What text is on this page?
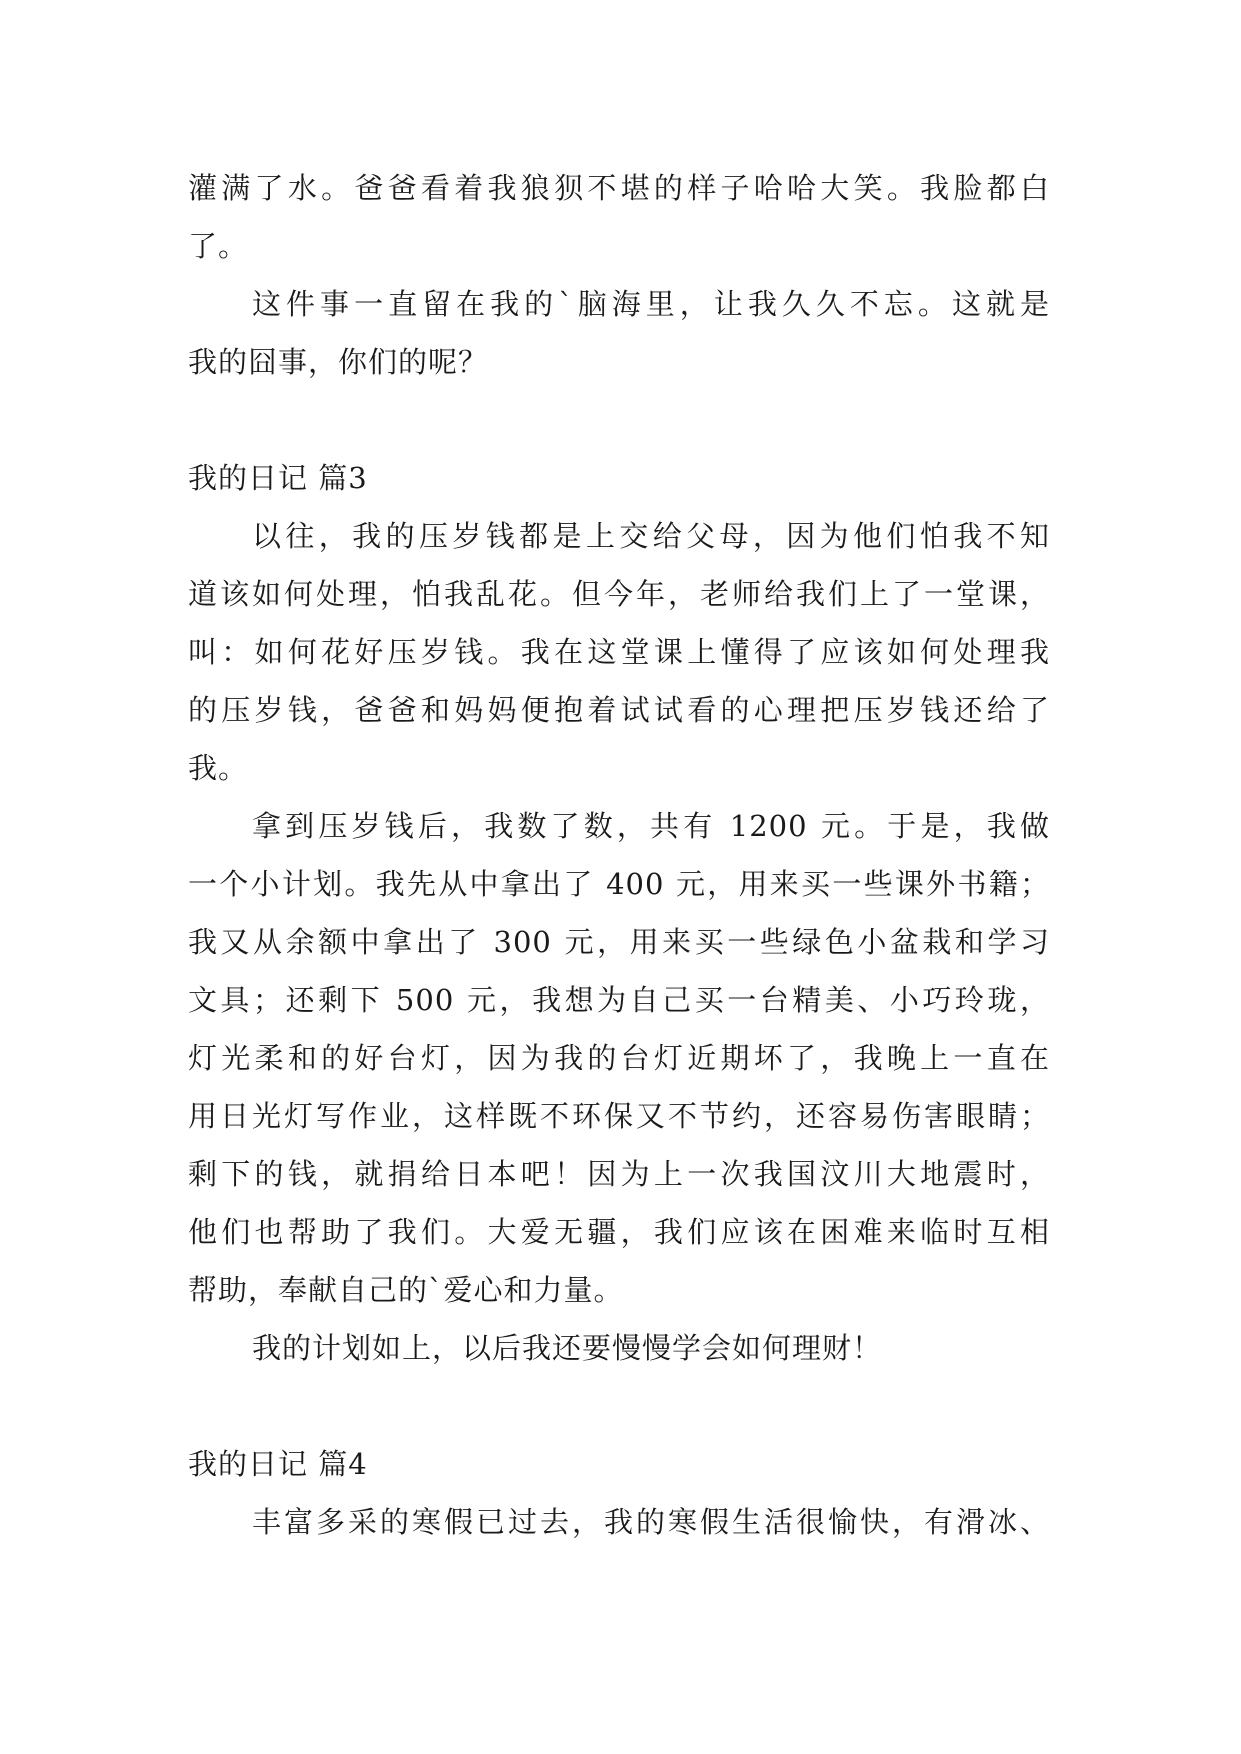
灌满了水。爸爸看着我狼狈不堪的样子哈哈大笑。我脸都白
了。

这件事一直留在我的`脑海里，让我久久不忘。这就是
我的囧事，你们的呢？

我的日记 篇3

以往，我的压岁钱都是上交给父母，因为他们怕我不知
道该如何处理，怕我乱花。但今年，老师给我们上了一堂课，
叫：如何花好压岁钱。我在这堂课上懂得了应该如何处理我
的压岁钱，爸爸和妈妈便抱着试试看的心理把压岁钱还给了
我。

拿到压岁钱后，我数了数，共有 1200 元。于是，我做
一个小计划。我先从中拿出了 400 元，用来买一些课外书籍；
我又从余额中拿出了 300 元，用来买一些绿色小盆栽和学习
文具；还剩下 500 元，我想为自己买一台精美、小巧玲珑，
灯光柔和的好台灯，因为我的台灯近期坏了，我晚上一直在
用日光灯写作业，这样既不环保又不节约，还容易伤害眼睛；
剩下的钱，就捐给日本吧！因为上一次我国汶川大地震时，
他们也帮助了我们。大爱无疆，我们应该在困难来临时互相
帮助，奉献自己的`爱心和力量。

我的计划如上，以后我还要慢慢学会如何理财！

我的日记 篇4

丰富多采的寒假已过去，我的寒假生活很愉快，有滑冰、
